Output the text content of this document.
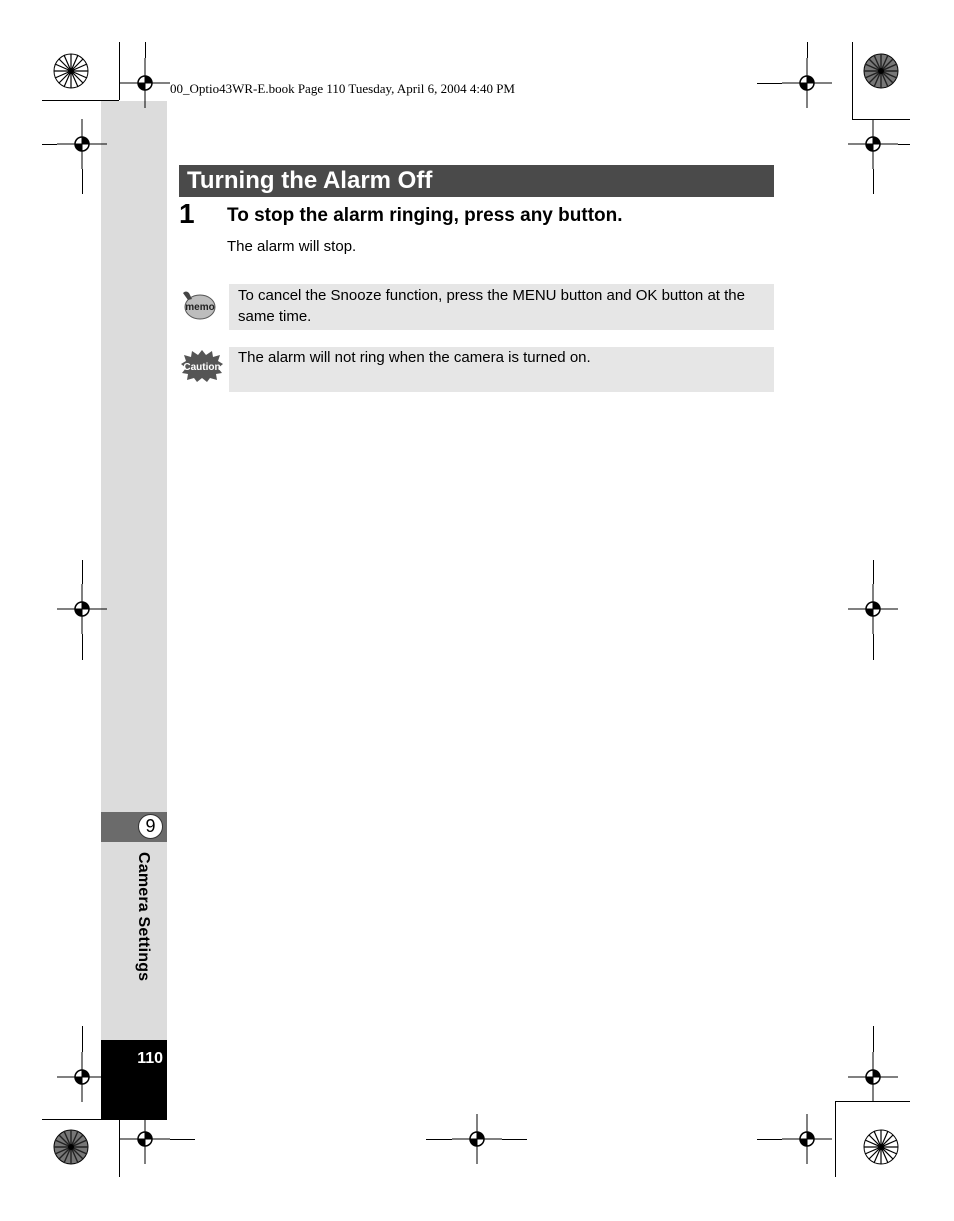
9
Camera Settings
110
00_Optio43WR-E.book Page 110 Tuesday, April 6, 2004 4:40 PM
Turning the Alarm Off
1 To stop the alarm ringing, press any button.
The alarm will stop.
memo
To cancel the Snooze function, press the MENU button and OK button at the same time.
Caution
The alarm will not ring when the camera is turned on.
